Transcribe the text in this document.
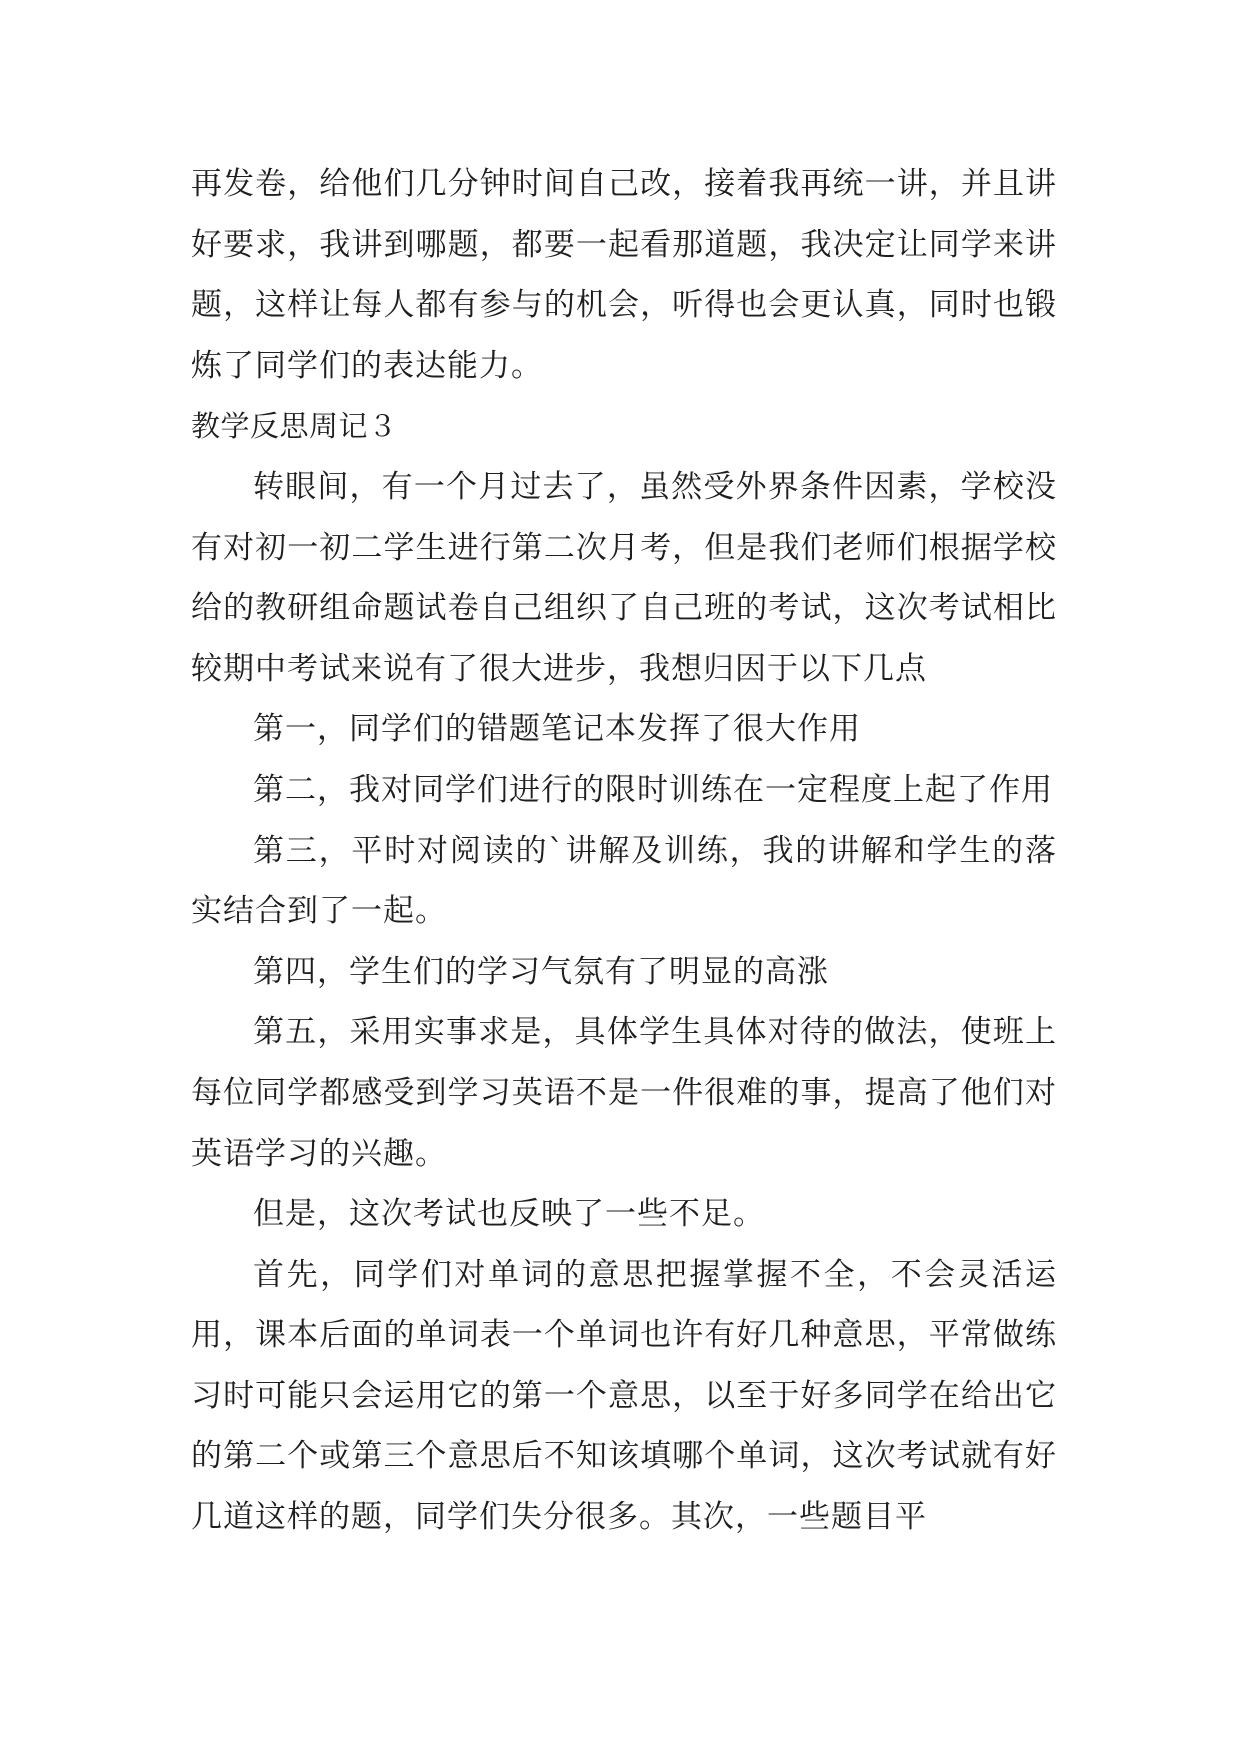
再发卷，给他们几分钟时间自己改，接着我再统一讲，并且讲好要求，我讲到哪题，都要一起看那道题，我决定让同学来讲题，这样让每人都有参与的机会，听得也会更认真，同时也锻炼了同学们的表达能力。

教学反思周记３

转眼间，有一个月过去了，虽然受外界条件因素，学校没有对初一初二学生进行第二次月考，但是我们老师们根据学校给的教研组命题试卷自己组织了自己班的考试，这次考试相比较期中考试来说有了很大进步，我想归因于以下几点

第一，同学们的错题笔记本发挥了很大作用

第二，我对同学们进行的限时训练在一定程度上起了作用

第三，平时对阅读的`讲解及训练，我的讲解和学生的落实结合到了一起。

第四，学生们的学习气氛有了明显的高涨

第五，采用实事求是，具体学生具体对待的做法，使班上每位同学都感受到学习英语不是一件很难的事，提高了他们对英语学习的兴趣。

但是，这次考试也反映了一些不足。

首先，同学们对单词的意思把握掌握不全，不会灵活运用，课本后面的单词表一个单词也许有好几种意思，平常做练习时可能只会运用它的第一个意思，以至于好多同学在给出它的第二个或第三个意思后不知该填哪个单词，这次考试就有好几道这样的题，同学们失分很多。其次，一些题目平
